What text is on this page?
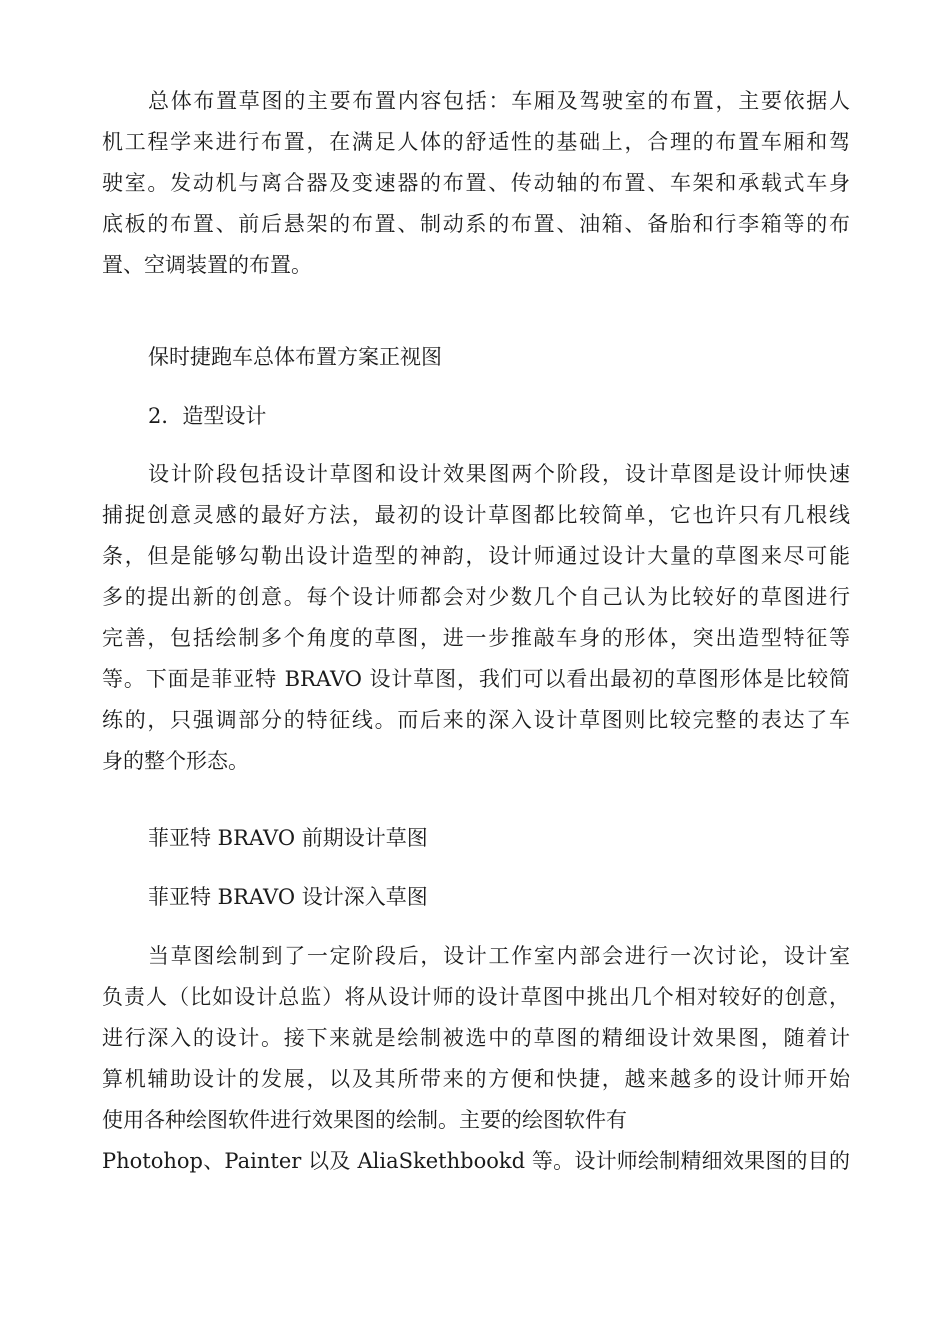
总体布置草图的主要布置内容包括：车厢及驾驶室的布置，主要依据人
机工程学来进行布置，在满足人体的舒适性的基础上，合理的布置车厢和驾
驶室。发动机与离合器及变速器的布置、传动轴的布置、车架和承载式车身
底板的布置、前后悬架的布置、制动系的布置、油箱、备胎和行李箱等的布
置、空调装置的布置。
保时捷跑车总体布置方案正视图
2．造型设计
设计阶段包括设计草图和设计效果图两个阶段，设计草图是设计师快速
捕捉创意灵感的最好方法，最初的设计草图都比较简单，它也许只有几根线
条，但是能够勾勒出设计造型的神韵，设计师通过设计大量的草图来尽可能
多的提出新的创意。每个设计师都会对少数几个自己认为比较好的草图进行
完善，包括绘制多个角度的草图，进一步推敲车身的形体，突出造型特征等
等。下面是菲亚特 BRAVO 设计草图，我们可以看出最初的草图形体是比较简
练的，只强调部分的特征线。而后来的深入设计草图则比较完整的表达了车
身的整个形态。
菲亚特 BRAVO 前期设计草图
菲亚特 BRAVO 设计深入草图
当草图绘制到了一定阶段后，设计工作室内部会进行一次讨论，设计室
负责人（比如设计总监）将从设计师的设计草图中挑出几个相对较好的创意，
进行深入的设计。接下来就是绘制被选中的草图的精细设计效果图，随着计
算机辅助设计的发展，以及其所带来的方便和快捷，越来越多的设计师开始
使用各种绘图软件进行效果图的绘制。主要的绘图软件有
Photohop、Painter 以及 AliaSkethbookd 等。设计师绘制精细效果图的目的
